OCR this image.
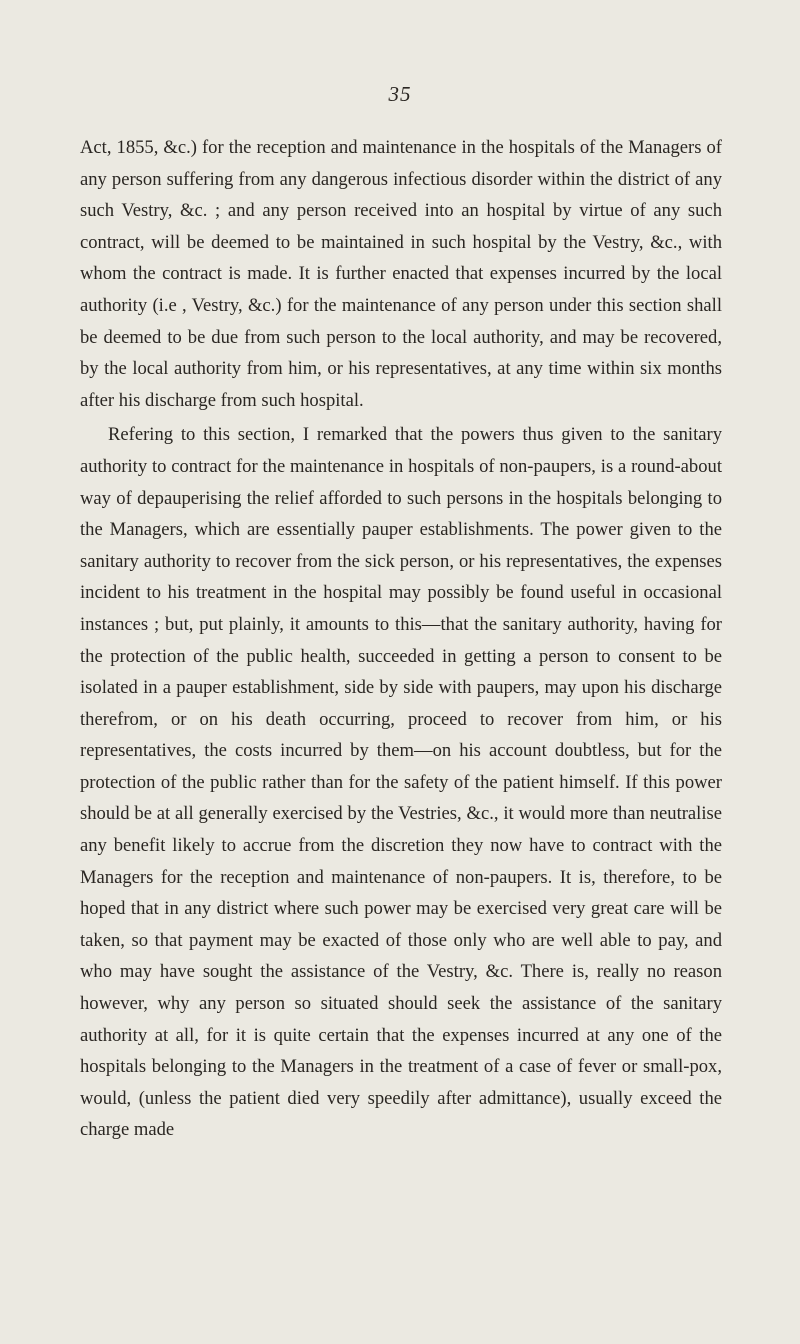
35

Act, 1855, &c.) for the reception and maintenance in the hospitals of the Managers of any person suffering from any dangerous infectious disorder within the district of any such Vestry, &c. ; and any person received into an hospital by virtue of any such contract, will be deemed to be maintained in such hospital by the Vestry, &c., with whom the contract is made. It is further enacted that expenses incurred by the local authority (i.e , Vestry, &c.) for the maintenance of any person under this section shall be deemed to be due from such person to the local authority, and may be recovered, by the local authority from him, or his representatives, at any time within six months after his discharge from such hospital.

Refering to this section, I remarked that the powers thus given to the sanitary authority to contract for the maintenance in hospitals of non-paupers, is a round-about way of depauperising the relief afforded to such persons in the hospitals belonging to the Managers, which are essentially pauper establishments. The power given to the sanitary authority to recover from the sick person, or his representatives, the expenses incident to his treatment in the hospital may possibly be found useful in occasional instances ; but, put plainly, it amounts to this—that the sanitary authority, having for the protection of the public health, succeeded in getting a person to consent to be isolated in a pauper establishment, side by side with paupers, may upon his discharge therefrom, or on his death occurring, proceed to recover from him, or his representatives, the costs incurred by them—on his account doubtless, but for the protection of the public rather than for the safety of the patient himself. If this power should be at all generally exercised by the Vestries, &c., it would more than neutralise any benefit likely to accrue from the discretion they now have to contract with the Managers for the reception and maintenance of non-paupers. It is, therefore, to be hoped that in any district where such power may be exercised very great care will be taken, so that payment may be exacted of those only who are well able to pay, and who may have sought the assistance of the Vestry, &c. There is, really no reason however, why any person so situated should seek the assistance of the sanitary authority at all, for it is quite certain that the expenses incurred at any one of the hospitals belonging to the Managers in the treatment of a case of fever or small-pox, would, (unless the patient died very speedily after admittance), usually exceed the charge made
